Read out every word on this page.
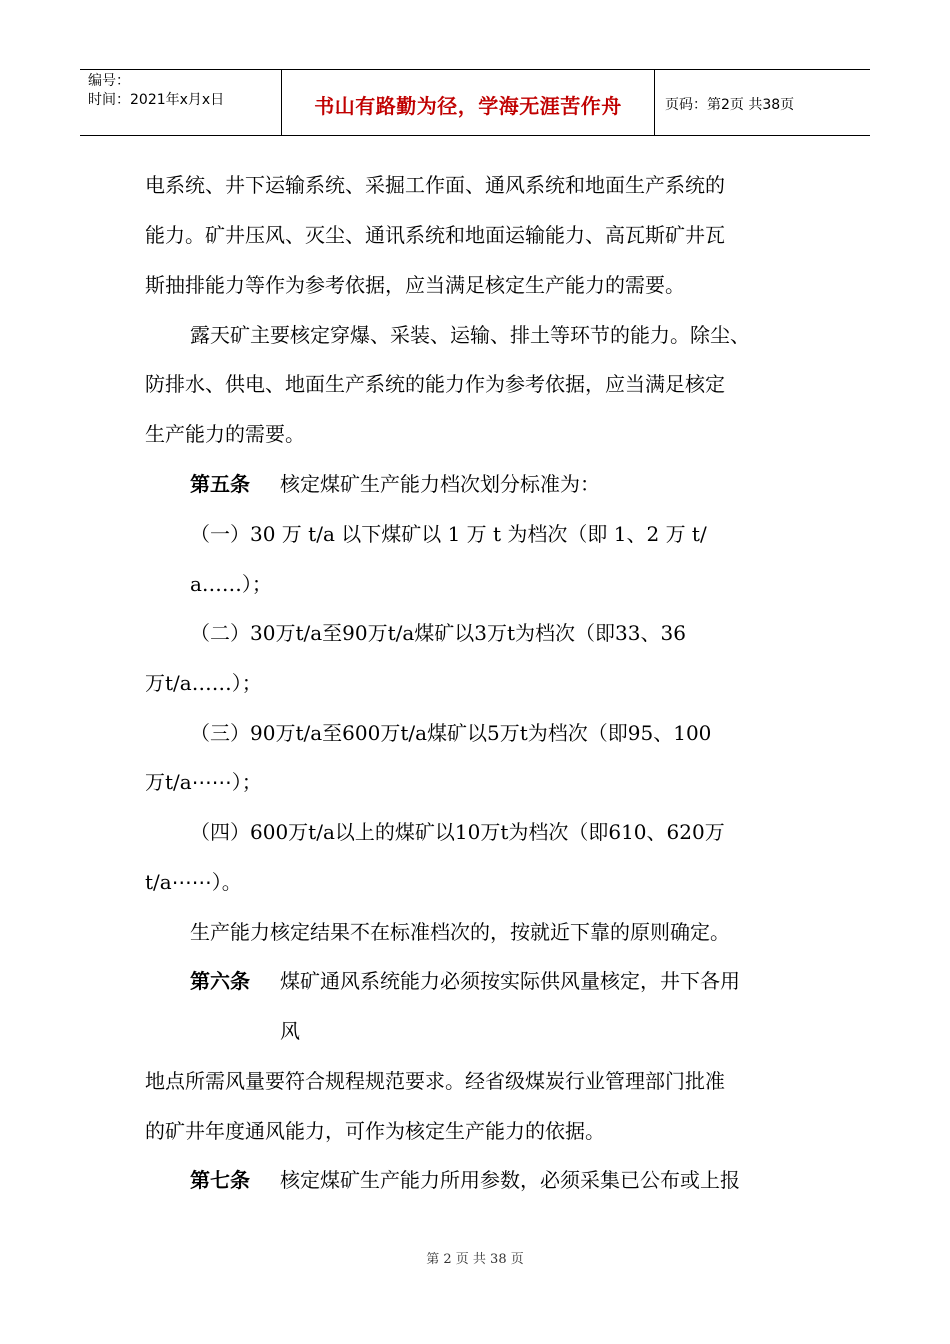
编号：
时间：2021年x月x日	书山有路勤为径，学海无涯苦作舟	页码：第2页 共38页
电系统、井下运输系统、采掘工作面、通风系统和地面生产系统的
能力。矿井压风、灭尘、通讯系统和地面运输能力、高瓦斯矿井瓦
斯抽排能力等作为参考依据，应当满足核定生产能力的需要。
露天矿主要核定穿爆、采装、运输、排土等环节的能力。除尘、
防排水、供电、地面生产系统的能力作为参考依据，应当满足核定
生产能力的需要。
第五条 核定煤矿生产能力档次划分标准为：
（一）30 万 t/a 以下煤矿以 1 万 t 为档次（即 1、2 万 t/
a……）；
（二）30万t/a至90万t/a煤矿以3万t为档次（即33、36
万t/a……）；
（三）90万t/a至600万t/a煤矿以5万t为档次（即95、100
万t/a⋯⋯）；
（四）600万t/a以上的煤矿以10万t为档次（即610、620万
t/a⋯⋯）。
生产能力核定结果不在标准档次的，按就近下靠的原则确定。
第六条 煤矿通风系统能力必须按实际供风量核定，井下各用
风
地点所需风量要符合规程规范要求。经省级煤炭行业管理部门批准
的矿井年度通风能力，可作为核定生产能力的依据。
第七条 核定煤矿生产能力所用参数，必须采集已公布或上报
第 2 页 共 38 页
